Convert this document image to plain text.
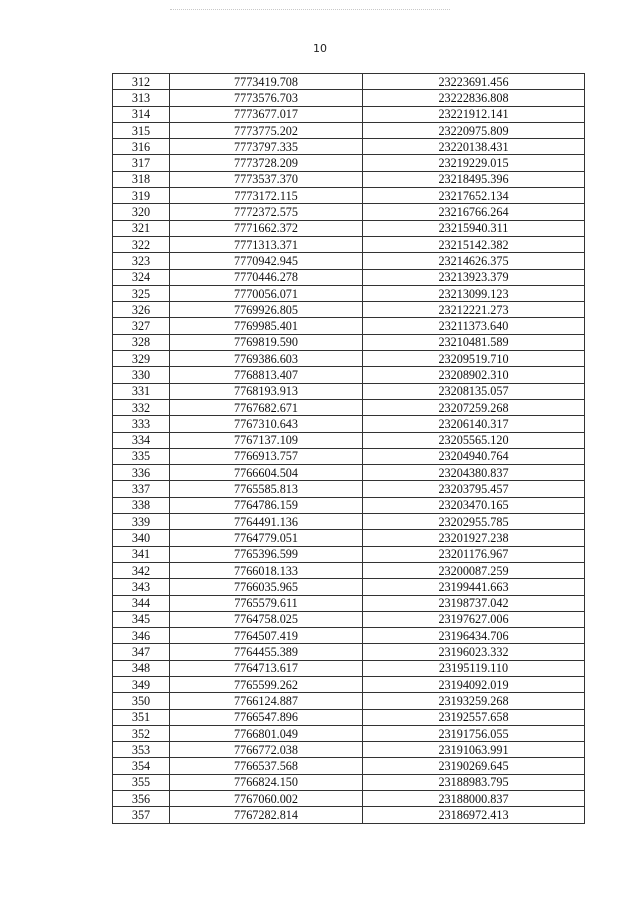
10
312	7773419.708	23223691.456
313	7773576.703	23222836.808
314	7773677.017	23221912.141
315	7773775.202	23220975.809
316	7773797.335	23220138.431
317	7773728.209	23219229.015
318	7773537.370	23218495.396
319	7773172.115	23217652.134
320	7772372.575	23216766.264
321	7771662.372	23215940.311
322	7771313.371	23215142.382
323	7770942.945	23214626.375
324	7770446.278	23213923.379
325	7770056.071	23213099.123
326	7769926.805	23212221.273
327	7769985.401	23211373.640
328	7769819.590	23210481.589
329	7769386.603	23209519.710
330	7768813.407	23208902.310
331	7768193.913	23208135.057
332	7767682.671	23207259.268
333	7767310.643	23206140.317
334	7767137.109	23205565.120
335	7766913.757	23204940.764
336	7766604.504	23204380.837
337	7765585.813	23203795.457
338	7764786.159	23203470.165
339	7764491.136	23202955.785
340	7764779.051	23201927.238
341	7765396.599	23201176.967
342	7766018.133	23200087.259
343	7766035.965	23199441.663
344	7765579.611	23198737.042
345	7764758.025	23197627.006
346	7764507.419	23196434.706
347	7764455.389	23196023.332
348	7764713.617	23195119.110
349	7765599.262	23194092.019
350	7766124.887	23193259.268
351	7766547.896	23192557.658
352	7766801.049	23191756.055
353	7766772.038	23191063.991
354	7766537.568	23190269.645
355	7766824.150	23188983.795
356	7767060.002	23188000.837
357	7767282.814	23186972.413
